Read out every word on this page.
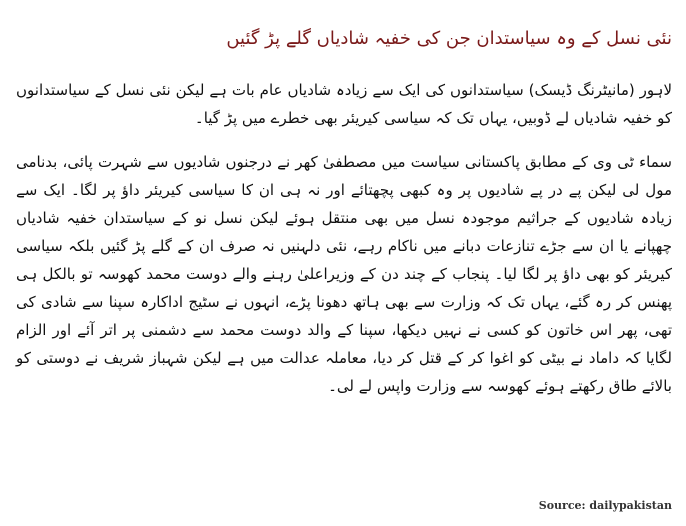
نئی نسل کے وہ سیاستدان جن کی خفیہ شادیاں گلے پڑ گئیں

لاہور (مانیٹرنگ ڈیسک) سیاستدانوں کی ایک سے زیادہ شادیاں عام بات ہے لیکن نئی نسل کے سیاستدانوں کو خفیہ شادیاں لے ڈوبیں، یہاں تک کہ سیاسی کیریئر بھی خطرے میں پڑ گیا۔

سماء ٹی وی کے مطابق پاکستانی سیاست میں مصطفیٰ کھر نے درجنوں شادیوں سے شہرت پائی، بدنامی مول لی لیکن پے در پے شادیوں پر وہ کبھی پچھتائے اور نہ ہی ان کا سیاسی کیریئر داؤ پر لگا۔ ایک سے زیادہ شادیوں کے جراثیم موجودہ نسل میں بھی منتقل ہوئے لیکن نسل نو کے سیاستدان خفیہ شادیاں چھپانے یا ان سے جڑے تنازعات دبانے میں ناکام رہے، نئی دلہنیں نہ صرف ان کے گلے پڑ گئیں بلکہ سیاسی کیریئر کو بھی داؤ پر لگا لیا۔ پنجاب کے چند دن کے وزیراعلیٰ رہنے والے دوست محمد کھوسہ تو بالکل ہی پھنس کر رہ گئے، یہاں تک کہ وزارت سے بھی ہاتھ دھونا پڑے، انہوں نے سٹیج اداکارہ سپنا سے شادی کی تھی، پھر اس خاتون کو کسی نے نہیں دیکھا، سپنا کے والد دوست محمد سے دشمنی پر اتر آئے اور الزام لگایا کہ داماد نے بیٹی کو اغوا کر کے قتل کر دیا، معاملہ عدالت میں ہے لیکن شہباز شریف نے دوستی کو بالائے طاق رکھتے ہوئے کھوسہ سے وزارت واپس لے لی۔

Source: dailypakistan
